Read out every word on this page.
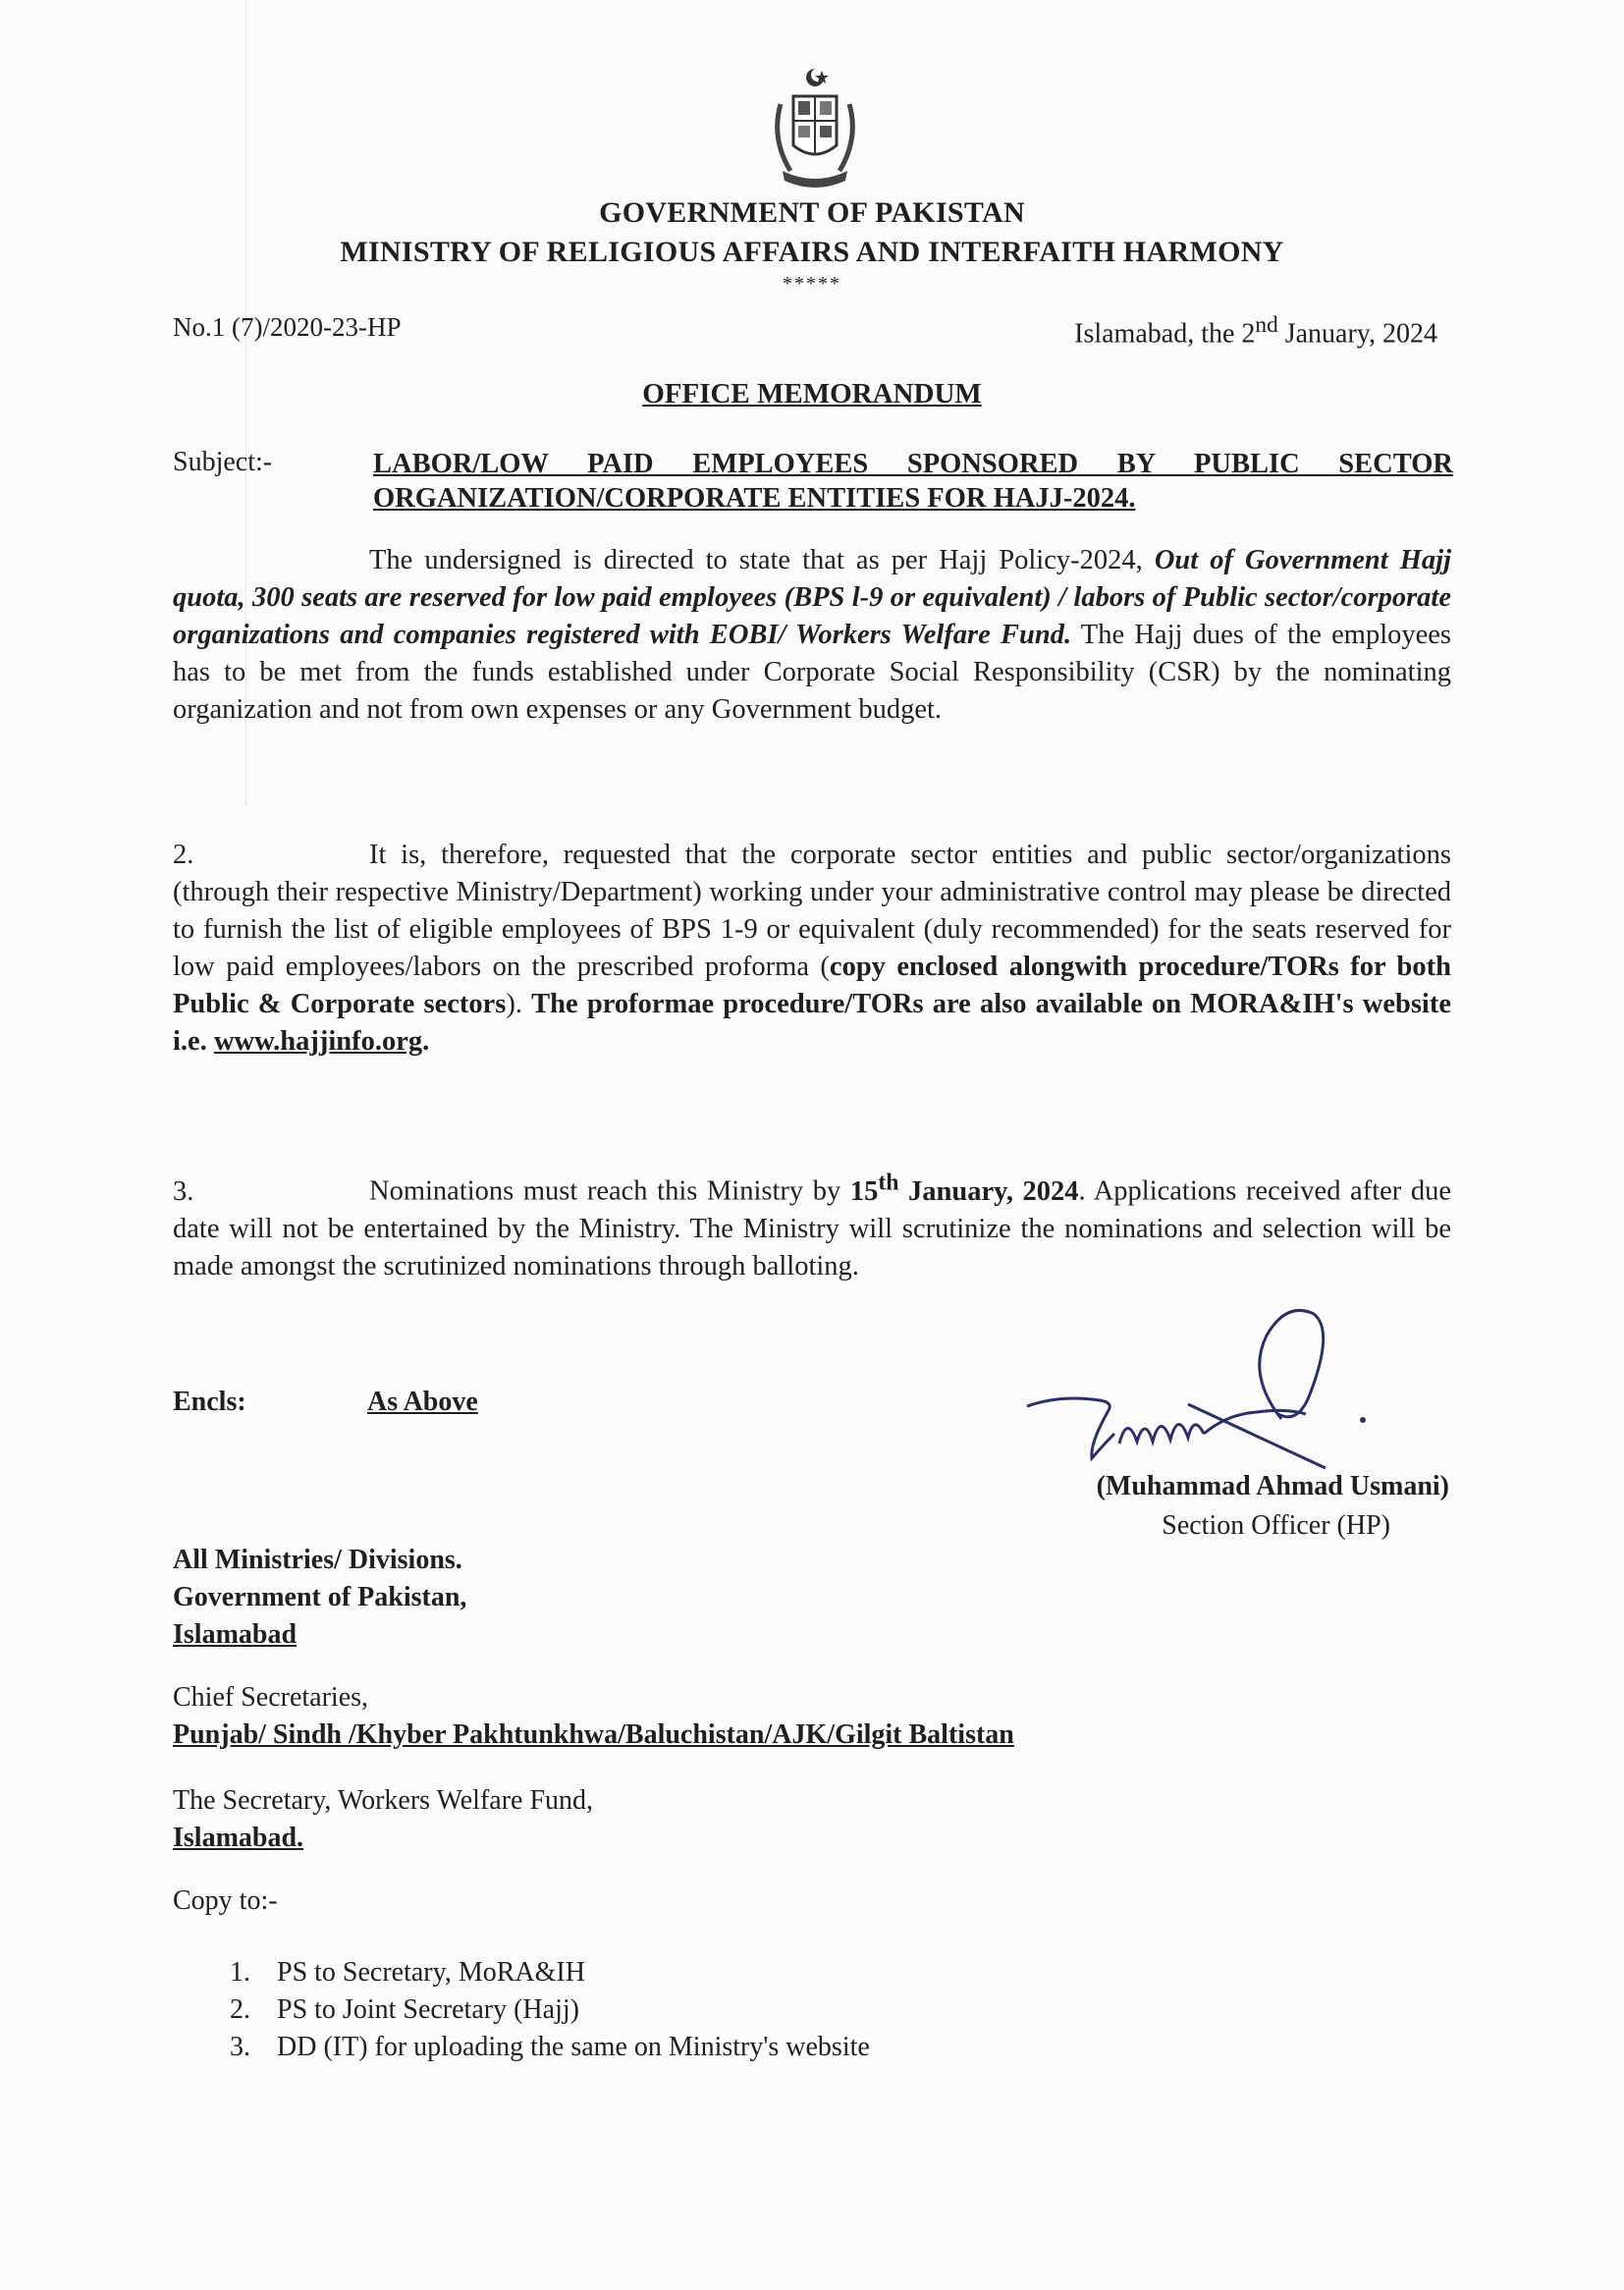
GOVERNMENT OF PAKISTAN
MINISTRY OF RELIGIOUS AFFAIRS AND INTERFAITH HARMONY
*****
No.1 (7)/2020-23-HP	Islamabad, the 2nd January, 2024
OFFICE MEMORANDUM
Subject:-	LABOR/LOW PAID EMPLOYEES SPONSORED BY PUBLIC SECTOR
ORGANIZATION/CORPORATE ENTITIES FOR HAJJ-2024.
The undersigned is directed to state that as per Hajj Policy-2024, Out of Government Hajj quota, 300 seats are reserved for low paid employees (BPS l-9 or equivalent) / labors of Public sector/corporate organizations and companies registered with EOBI/ Workers Welfare Fund. The Hajj dues of the employees has to be met from the funds established under Corporate Social Responsibility (CSR) by the nominating organization and not from own expenses or any Government budget.
2.	It is, therefore, requested that the corporate sector entities and public sector/organizations (through their respective Ministry/Department) working under your administrative control may please be directed to furnish the list of eligible employees of BPS 1-9 or equivalent (duly recommended) for the seats reserved for low paid employees/labors on the prescribed proforma (copy enclosed alongwith procedure/TORs for both Public & Corporate sectors). The proformae procedure/TORs are also available on MORA&IH's website i.e. www.hajjinfo.org.
3.	Nominations must reach this Ministry by 15th January, 2024. Applications received after due date will not be entertained by the Ministry. The Ministry will scrutinize the nominations and selection will be made amongst the scrutinized nominations through balloting.
Encls:	As Above
(Muhammad Ahmad Usmani)
Section Officer (HP)
All Ministries/ Divisions.
Government of Pakistan,
Islamabad
Chief Secretaries,
Punjab/ Sindh /Khyber Pakhtunkhwa/Baluchistan/AJK/Gilgit Baltistan
The Secretary, Workers Welfare Fund,
Islamabad.
Copy to:-
1. PS to Secretary, MoRA&IH
2. PS to Joint Secretary (Hajj)
3. DD (IT) for uploading the same on Ministry's website
